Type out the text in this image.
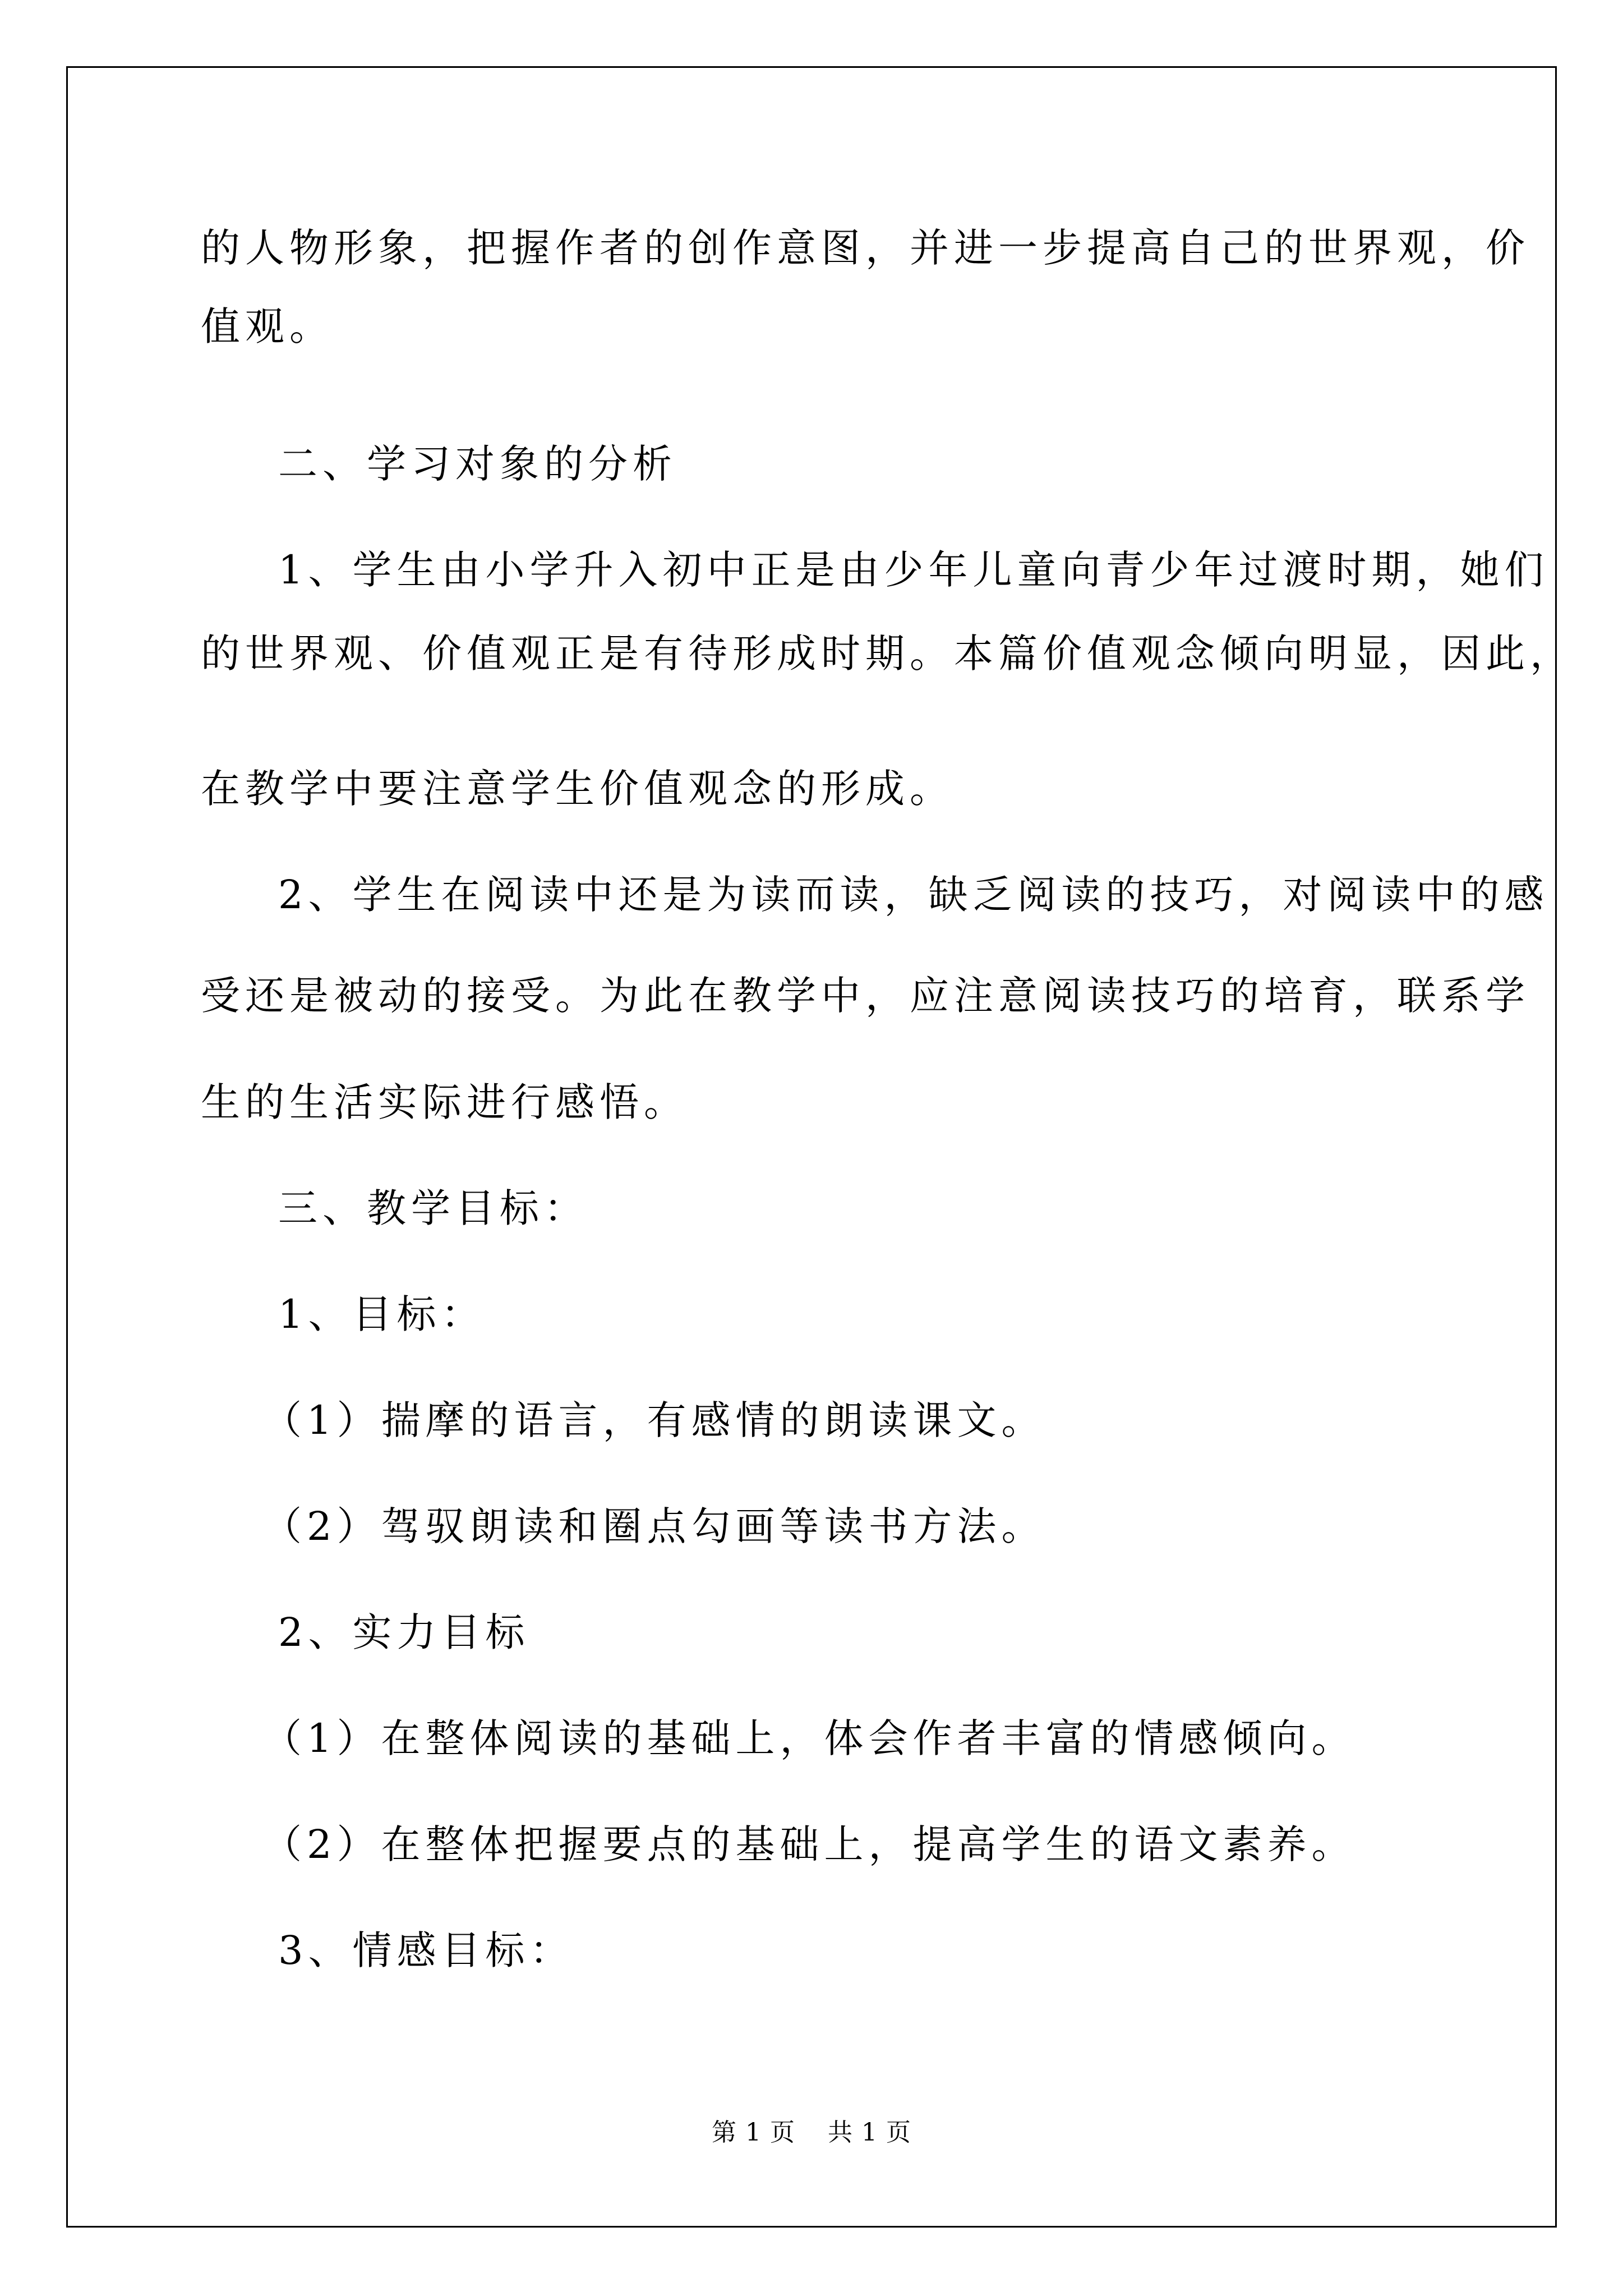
的人物形象，把握作者的创作意图，并进一步提高自己的世界观，价
值观。
二、学习对象的分析
1、学生由小学升入初中正是由少年儿童向青少年过渡时期，她们
的世界观、价值观正是有待形成时期。本篇价值观念倾向明显，因此，
在教学中要注意学生价值观念的形成。
2、学生在阅读中还是为读而读，缺乏阅读的技巧，对阅读中的感
受还是被动的接受。为此在教学中，应注意阅读技巧的培育，联系学
生的生活实际进行感悟。
三、教学目标：
1、目标：
（1）揣摩的语言，有感情的朗读课文。
（2）驾驭朗读和圈点勾画等读书方法。
2、实力目标
（1）在整体阅读的基础上，体会作者丰富的情感倾向。
（2）在整体把握要点的基础上，提高学生的语文素养。
3、情感目标：
第 1 页 共 1 页
